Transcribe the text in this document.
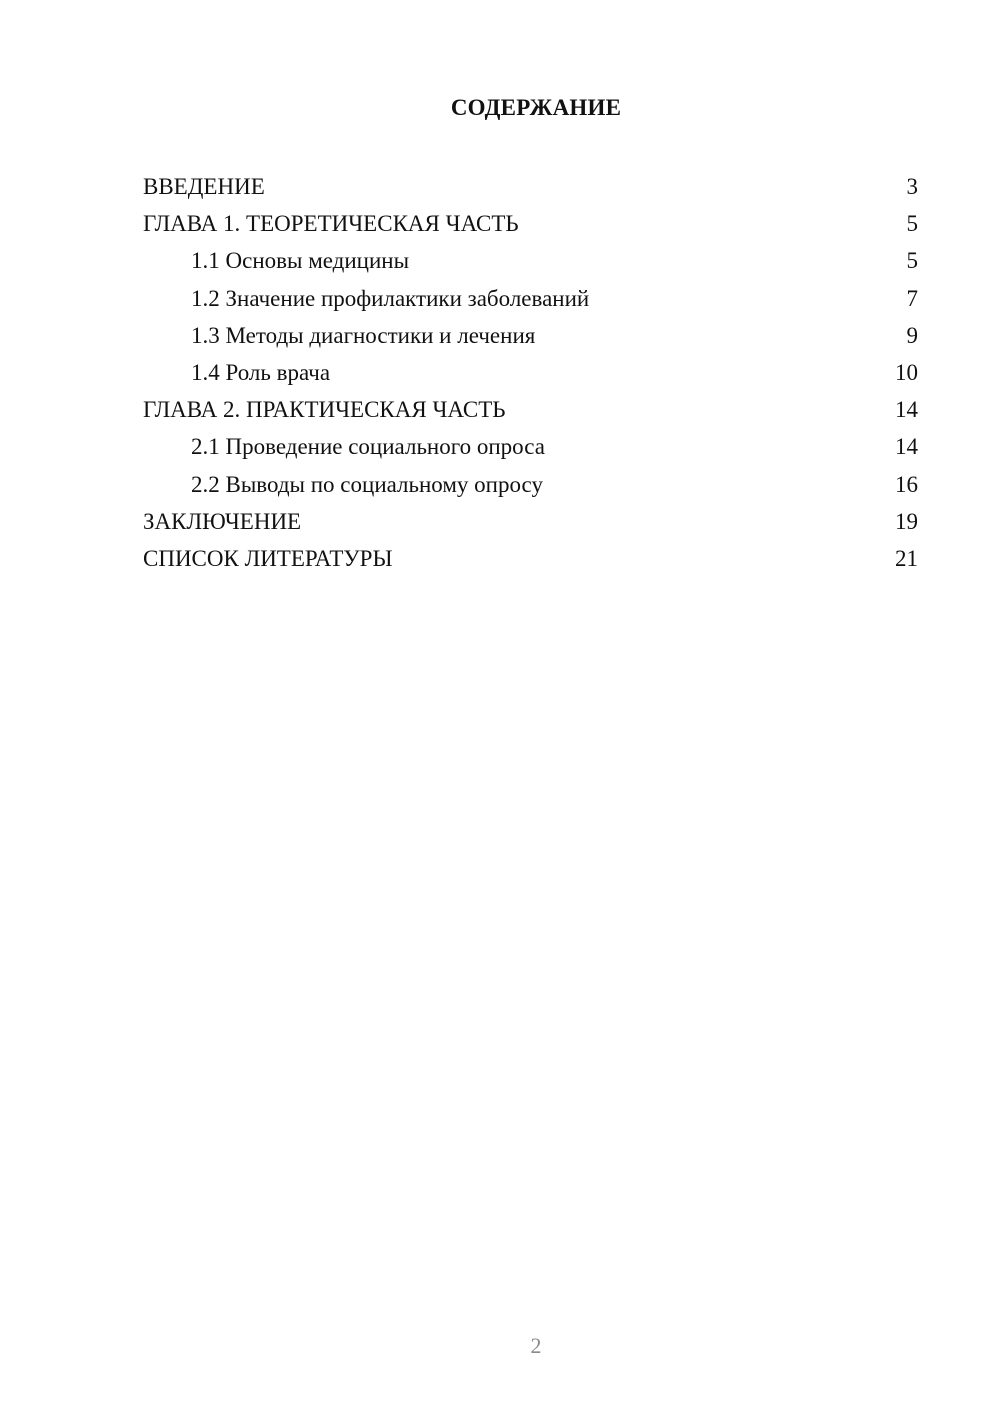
СОДЕРЖАНИЕ
ВВЕДЕНИЕ	3
ГЛАВА 1. ТЕОРЕТИЧЕСКАЯ ЧАСТЬ	5
1.1 Основы медицины	5
1.2 Значение профилактики заболеваний	7
1.3 Методы диагностики и лечения	9
1.4 Роль врача	10
ГЛАВА 2. ПРАКТИЧЕСКАЯ ЧАСТЬ	14
2.1 Проведение социального опроса	14
2.2 Выводы по социальному опросу	16
ЗАКЛЮЧЕНИЕ	19
СПИСОК ЛИТЕРАТУРЫ	21
2
